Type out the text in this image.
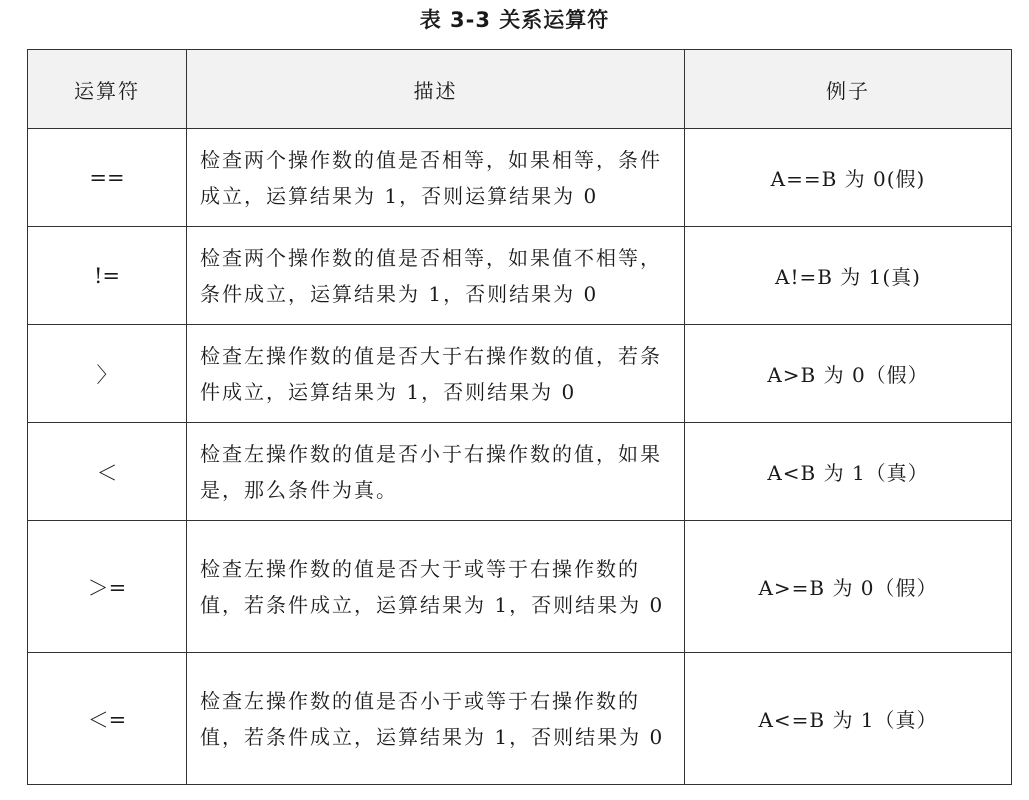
表 3-3 关系运算符
运算符	描述	例子
==	检查两个操作数的值是否相等，如果相等，条件成立，运算结果为 1，否则运算结果为 0	A==B 为 0(假)
!=	检查两个操作数的值是否相等，如果值不相等，条件成立，运算结果为 1，否则结果为 0	A!=B 为 1(真)
〉	检查左操作数的值是否大于右操作数的值，若条件成立，运算结果为 1，否则结果为 0	A>B 为 0（假）
＜	检查左操作数的值是否小于右操作数的值，如果是，那么条件为真。	A<B 为 1（真）
＞=	检查左操作数的值是否大于或等于右操作数的值，若条件成立，运算结果为 1，否则结果为 0	A>=B 为 0（假）
＜=	检查左操作数的值是否小于或等于右操作数的值，若条件成立，运算结果为 1，否则结果为 0	A<=B 为 1（真）
